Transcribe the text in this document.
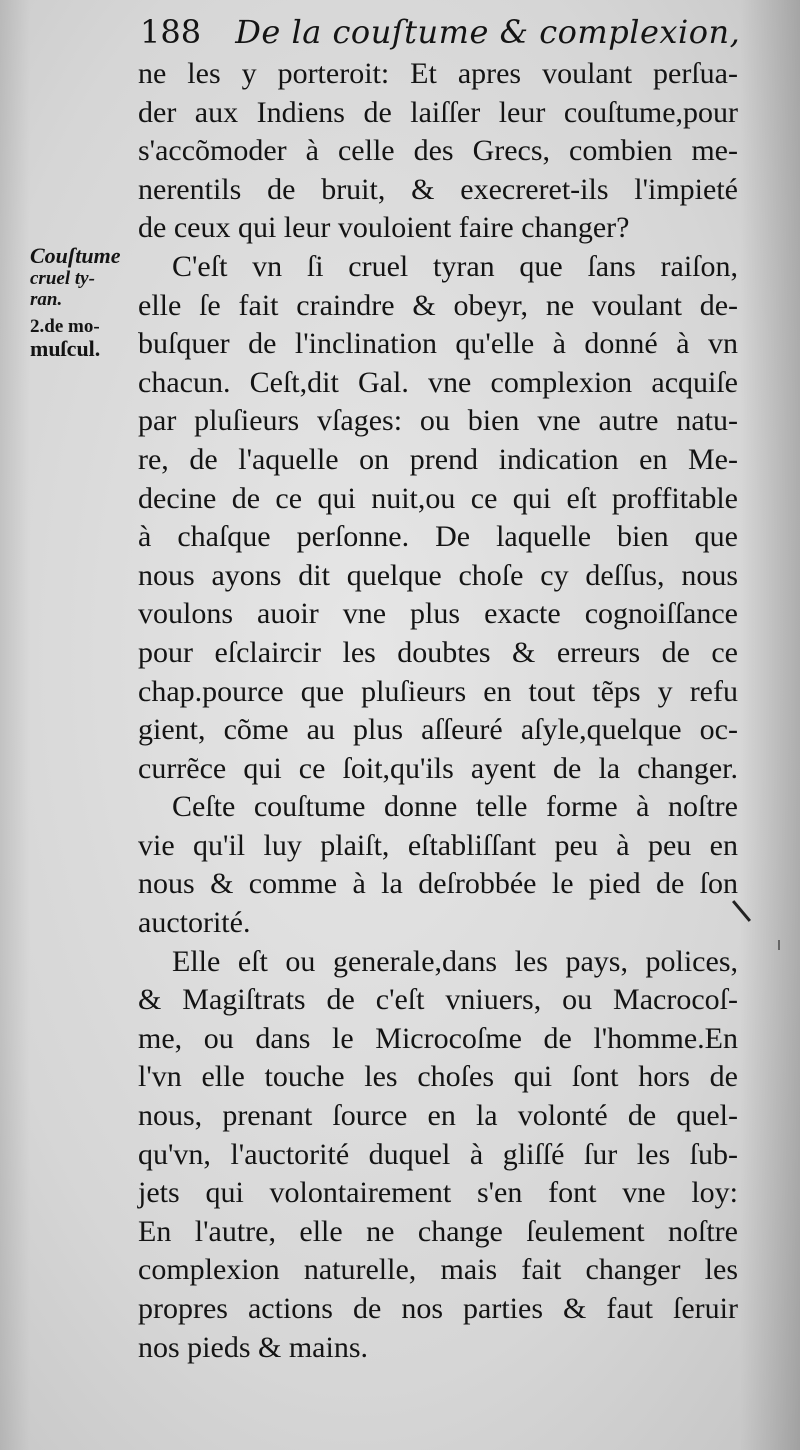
188 De la couſtume & complexion,
Couſtume
cruel ty-
ran.
2.de mo-
muſcul.
ne les y porteroit: Et apres voulant perſua-
der aux Indiens de laiſſer leur couſtume,pour
s'accõmoder à celle des Grecs, combien me-
nerentils de bruit, & execreret-ils l'impieté
de ceux qui leur vouloient faire changer?
C'eſt vn ſi cruel tyran que ſans raiſon,
elle ſe fait craindre & obeyr, ne voulant de-
buſquer de l'inclination qu'elle à donné à vn
chacun. Ceſt,dit Gal. vne complexion acquiſe
par pluſieurs vſages: ou bien vne autre natu-
re, de l'aquelle on prend indication en Me-
decine de ce qui nuit,ou ce qui eſt proffitable
à chaſque perſonne. De laquelle bien que
nous ayons dit quelque choſe cy deſſus, nous
voulons auoir vne plus exacte cognoiſſance
pour eſclaircir les doubtes & erreurs de ce
chap.pource que pluſieurs en tout tẽps y refu
gient, cõme au plus aſſeuré aſyle,quelque oc-
currẽce qui ce ſoit,qu'ils ayent de la changer.
Ceſte couſtume donne telle forme à noſtre
vie qu'il luy plaiſt, eſtabliſſant peu à peu en
nous & comme à la deſrobbée le pied de ſon
auctorité.
Elle eſt ou generale,dans les pays, polices,
& Magiſtrats de c'eſt vniuers, ou Macrocoſ-
me, ou dans le Microcoſme de l'homme.En
l'vn elle touche les choſes qui ſont hors de
nous, prenant ſource en la volonté de quel-
qu'vn, l'auctorité duquel à gliſſé ſur les ſub-
jets qui volontairement s'en font vne loy:
En l'autre, elle ne change ſeulement noſtre
complexion naturelle, mais fait changer les
propres actions de nos parties & faut ſeruir
nos pieds & mains.
